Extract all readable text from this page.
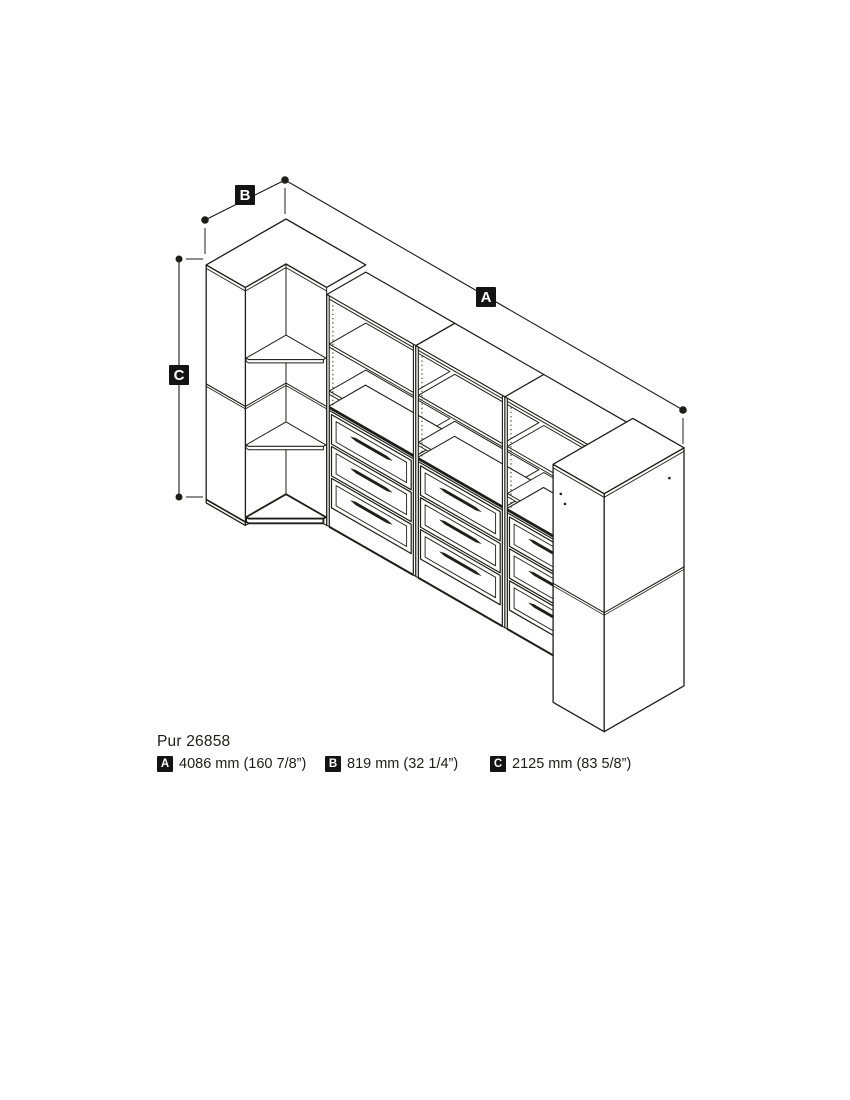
A
B
C
Pur 26858
A 4086 mm (160 7/8”)	B 819 mm (32 1/4”)	C 2125 mm (83 5/8”)
